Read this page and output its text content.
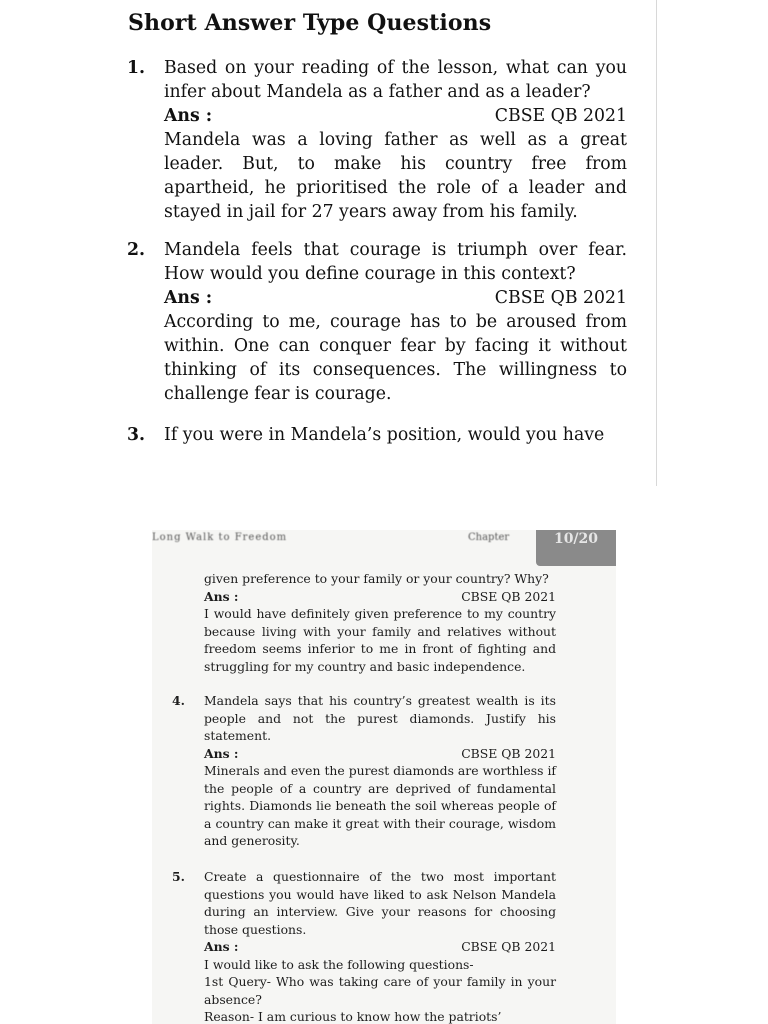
Short Answer Type Questions
1. Based on your reading of the lesson, what can you infer about Mandela as a father and as a leader?
Ans :	CBSE QB 2021
Mandela was a loving father as well as a great leader. But, to make his country free from apartheid, he prioritised the role of a leader and stayed in jail for 27 years away from his family.
2. Mandela feels that courage is triumph over fear. How would you define courage in this context?
Ans :	CBSE QB 2021
According to me, courage has to be aroused from within. One can conquer fear by facing it without thinking of its consequences. The willingness to challenge fear is courage.
3. If you were in Mandela’s position, would you have
Long Walk to Freedom	Chapter	10/20

given preference to your family or your country? Why?

Ans :	CBSE QB 2021

I would have definitely given preference to my country because living with your family and relatives without freedom seems inferior to me in front of fighting and struggling for my country and basic independence.

4. Mandela says that his country’s greatest wealth is its people and not the purest diamonds. Justify his statement.

Ans :	CBSE QB 2021

Minerals and even the purest diamonds are worthless if the people of a country are deprived of fundamental rights. Diamonds lie beneath the soil whereas people of a country can make it great with their courage, wisdom and generosity.

5. Create a questionnaire of the two most important questions you would have liked to ask Nelson Mandela during an interview. Give your reasons for choosing those questions.

Ans :	CBSE QB 2021

I would like to ask the following questions-

1st Query- Who was taking care of your family in your absence?

Reason- I am curious to know how the patriots’
